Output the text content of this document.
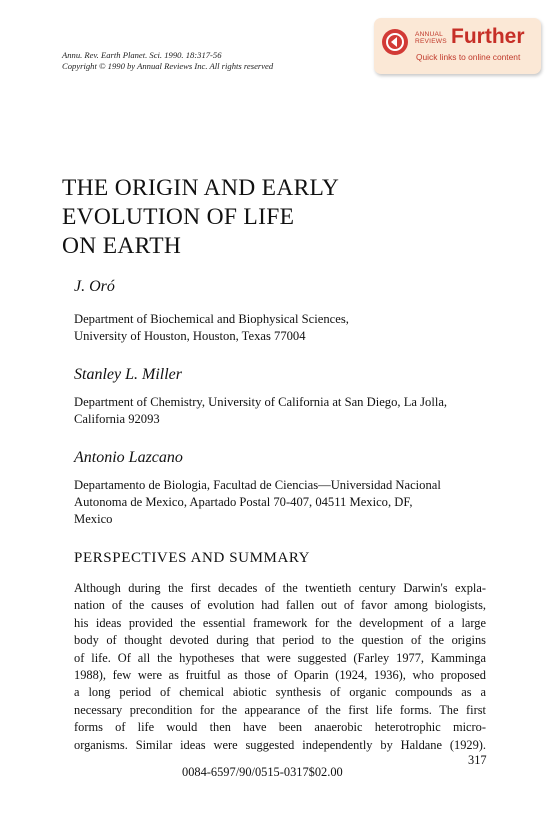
Annu. Rev. Earth Planet. Sci. 1990. 18:317-56
Copyright © 1990 by Annual Reviews Inc. All rights reserved
ANNUAL
REVIEWS Further
Quick links to online content
THE ORIGIN AND EARLY
EVOLUTION OF LIFE
ON EARTH
J. Oró
Department of Biochemical and Biophysical Sciences,
University of Houston, Houston, Texas 77004
Stanley L. Miller
Department of Chemistry, University of California at San Diego, La Jolla,
California 92093
Antonio Lazcano
Departamento de Biologia, Facultad de Ciencias—Universidad Nacional
Autonoma de Mexico, Apartado Postal 70-407, 04511 Mexico, DF,
Mexico
PERSPECTIVES AND SUMMARY
Although during the first decades of the twentieth century Darwin's expla-
nation of the causes of evolution had fallen out of favor among biologists,
his ideas provided the essential framework for the development of a large
body of thought devoted during that period to the question of the origins
of life. Of all the hypotheses that were suggested (Farley 1977, Kamminga
1988), few were as fruitful as those of Oparin (1924, 1936), who proposed
a long period of chemical abiotic synthesis of organic compounds as a
necessary precondition for the appearance of the first life forms. The first
forms of life would then have been anaerobic heterotrophic micro-
organisms. Similar ideas were suggested independently by Haldane (1929).
317
0084-6597/90/0515-0317$02.00
